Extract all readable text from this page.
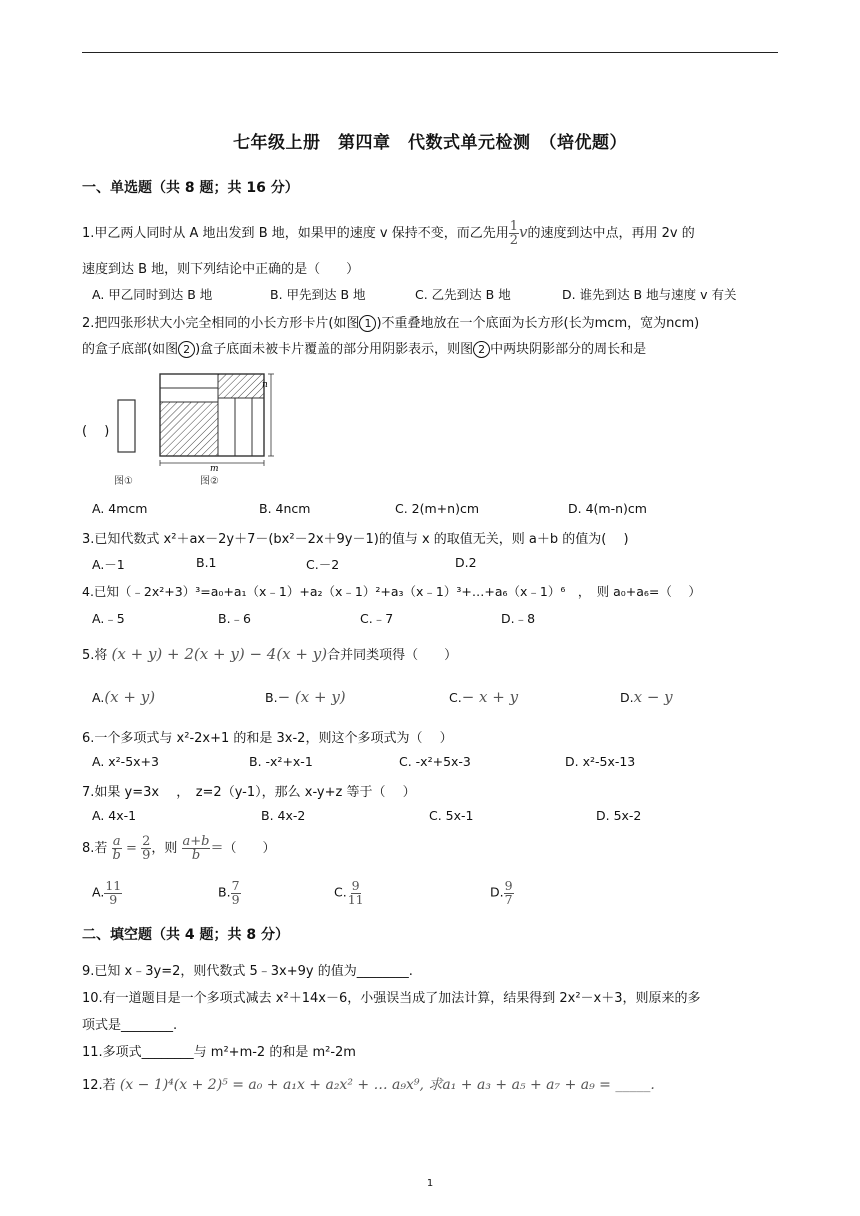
七年级上册　第四章　代数式单元检测　（培优题）
一、单选题（共 8 题；共 16 分）
1.甲乙两人同时从 A 地出发到 B 地，如果甲的速度 v 保持不变，而乙先用 $\frac{1}{2}$ v的速度到达中点，再用 2v 的
速度到达 B 地，则下列结论中正确的是（　　）
A. 甲乙同时到达 B 地	B. 甲先到达 B 地	C. 乙先到达 B 地	D. 谁先到达 B 地与速度 v 有关
2.把四张形状大小完全相同的小长方形卡片(如图 1 )不重叠地放在一个底面为长方形(长为mcm，宽为ncm)
的盒子底部(如图 2 )盒子底面未被卡片覆盖的部分用阴影表示，则图 2 中两块阴影部分的周长和是
(　 )
n
m
图①	图②
A. 4mcm	B. 4ncm	C. 2(m+n)cm	D. 4(m-n)cm
3.已知代数式 x²＋ax－2y＋7－(bx²－2x＋9y－1)的值与 x 的取值无关，则 a＋b 的值为(　 )
A.－1	B.1	C.－2	D.2
4.已知（﹣2x²+3）³=a₀+a₁（x﹣1）+a₂（x﹣1）²+a₃（x﹣1）³+…+a₆（x﹣1）⁶　，　则 a₀+a₆=（　 ）
A.﹣5	B.﹣6	C.﹣7	D.﹣8
5.将 (x + y) + 2(x + y) − 4(x + y)合并同类项得（　　）
A.(x + y)	B.− (x + y)	C.− x + y	D.x − y
6.一个多项式与 x²-2x+1 的和是 3x-2，则这个多项式为（　 ）
A. x²-5x+3	B. -x²+x-1	C. -x²+5x-3	D. x²-5x-13
7.如果 y=3x　 ，　z=2（y-1），那么 x-y+z 等于（　 ）
A. 4x-1	B. 4x-2	C. 5x-1	D. 5x-2
8.若 $\frac{a}{b} = \frac{2}{9}$ ，则 $\frac{a+b}{b}$ ＝（　　）
A. $\frac{11}{9}$	B. $\frac{7}{9}$	C. $\frac{9}{11}$	D. $\frac{9}{7}$
二、填空题（共 4 题；共 8 分）
9.已知 x﹣3y=2，则代数式 5﹣3x+9y 的值为________.
10.有一道题目是一个多项式减去 x²＋14x－6，小强误当成了加法计算，结果得到 2x²－x＋3，则原来的多
项式是________.
11.多项式________与 m²+m-2 的和是 m²-2m
12.若 (x − 1)⁴(x + 2)⁵ = a₀ + a₁x + a₂x² + … a₉x⁹, 求a₁ + a₃ + a₅ + a₇ + a₉ = _____.
1
